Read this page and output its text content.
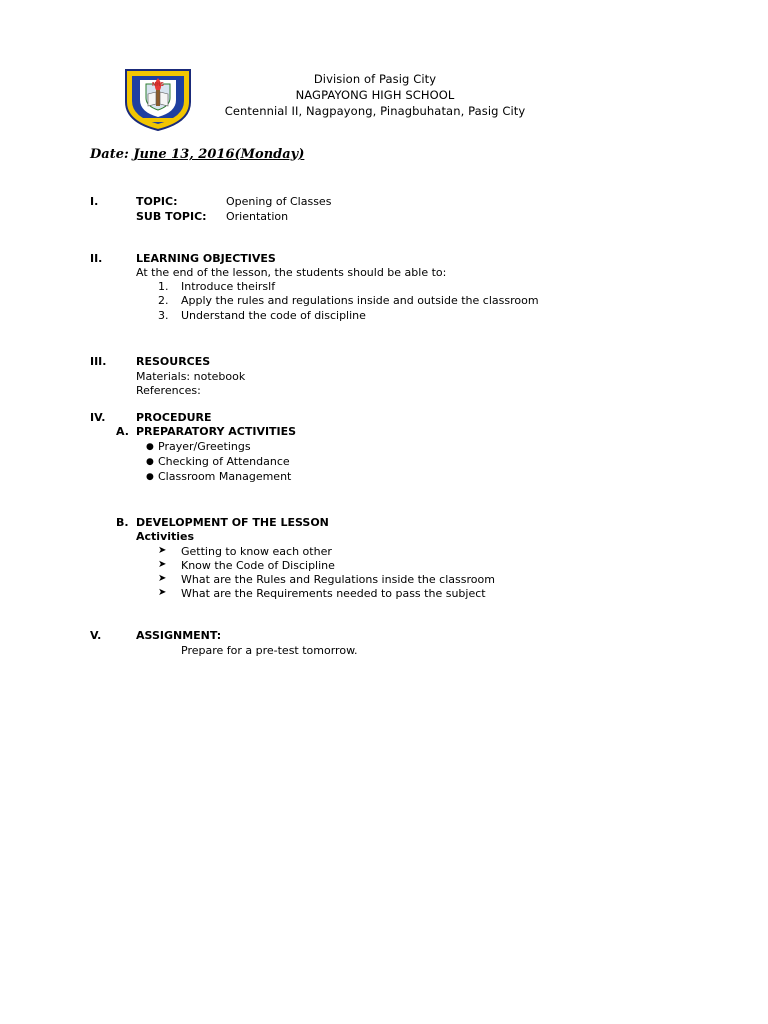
NHS	Division of Pasig City
NAGPAYONG HIGH SCHOOL
Centennial II, Nagpayong, Pinagbuhatan, Pasig City
Date: June 13, 2016(Monday)
I.	TOPIC:	Opening of Classes
SUB TOPIC: Orientation
II.	LEARNING OBJECTIVES
At the end of the lesson, the students should be able to:
1. Introduce theirslf
2. Apply the rules and regulations inside and outside the classroom
3. Understand the code of discipline
III.	RESOURCES
Materials: notebook
References:
IV.	PROCEDURE
A. PREPARATORY ACTIVITIES
● Prayer/Greetings
● Checking of Attendance
● Classroom Management
B. DEVELOPMENT OF THE LESSON
Activities
➤ Getting to know each other
➤ Know the Code of Discipline
➤ What are the Rules and Regulations inside the classroom
➤ What are the Requirements needed to pass the subject
V.	ASSIGNMENT:
Prepare for a pre-test tomorrow.
